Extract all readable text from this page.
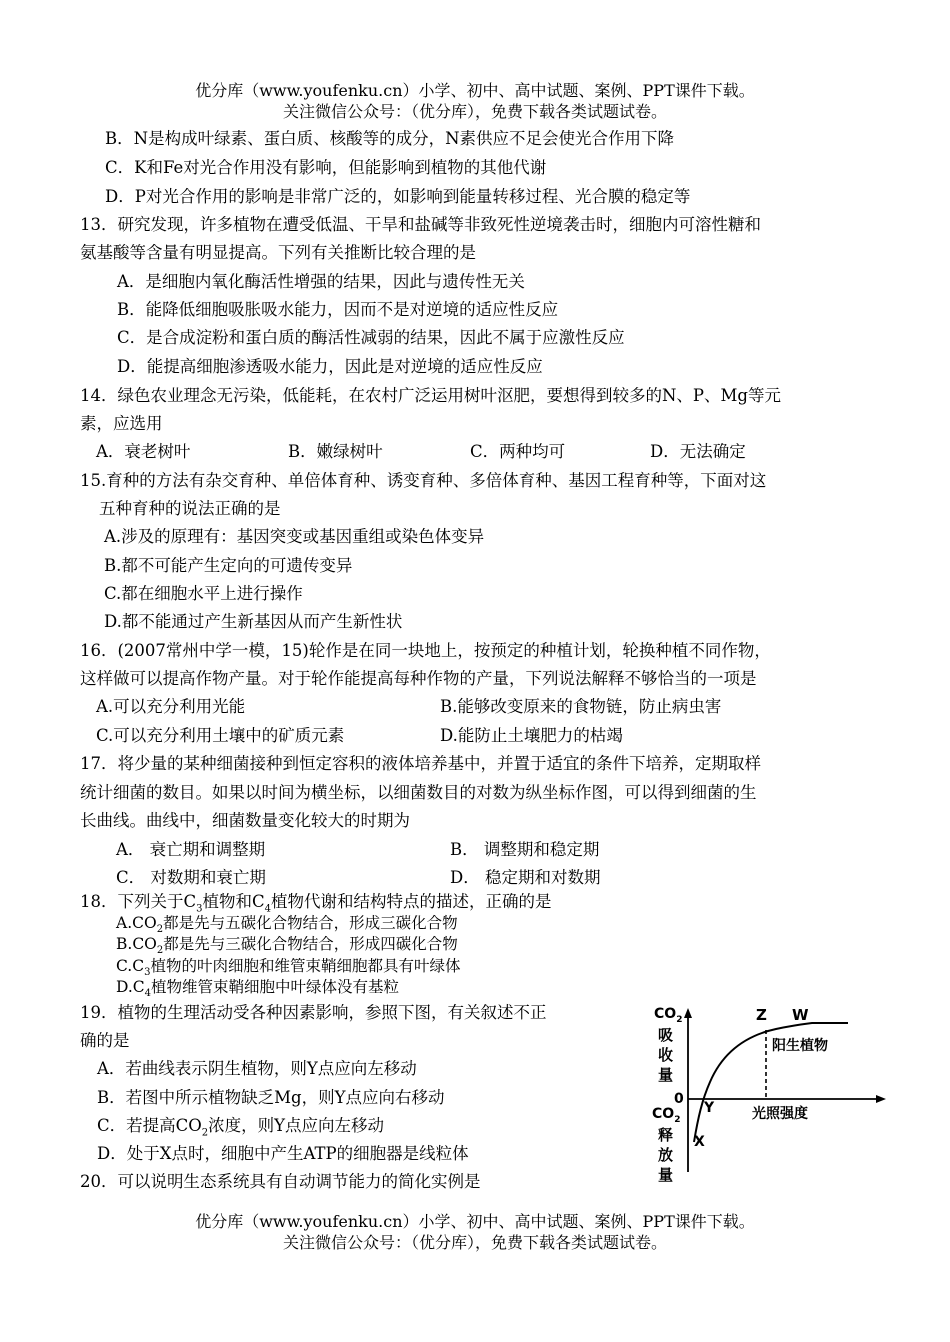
优分库（www.youfenku.cn）小学、初中、高中试题、案例、PPT课件下载。
关注微信公众号：（优分库），免费下载各类试题试卷。
B．N是构成叶绿素、蛋白质、核酸等的成分，N素供应不足会使光合作用下降
C．K和Fe对光合作用没有影响，但能影响到植物的其他代谢
D．P对光合作用的影响是非常广泛的，如影响到能量转移过程、光合膜的稳定等
13．研究发现，许多植物在遭受低温、干旱和盐碱等非致死性逆境袭击时，细胞内可溶性糖和
氨基酸等含量有明显提高。下列有关推断比较合理的是
A．是细胞内氧化酶活性增强的结果，因此与遗传性无关
B．能降低细胞吸胀吸水能力，因而不是对逆境的适应性反应
C．是合成淀粉和蛋白质的酶活性减弱的结果，因此不属于应激性反应
D．能提高细胞渗透吸水能力，因此是对逆境的适应性反应
14．绿色农业理念无污染，低能耗，在农村广泛运用树叶沤肥，要想得到较多的N、P、Mg等元
素，应选用
A．衰老树叶	B．嫩绿树叶	C．两种均可	D．无法确定
15.育种的方法有杂交育种、单倍体育种、诱变育种、多倍体育种、基因工程育种等，下面对这
五种育种的说法正确的是
A.涉及的原理有：基因突变或基因重组或染色体变异
B.都不可能产生定向的可遗传变异
C.都在细胞水平上进行操作
D.都不能通过产生新基因从而产生新性状
16．(2007常州中学一模，15)轮作是在同一块地上，按预定的种植计划，轮换种植不同作物，
这样做可以提高作物产量。对于轮作能提高每种作物的产量，下列说法解释不够恰当的一项是
A.可以充分利用光能	B.能够改变原来的食物链，防止病虫害
C.可以充分利用土壤中的矿质元素	D.能防止土壤肥力的枯竭
17．将少量的某种细菌接种到恒定容积的液体培养基中，并置于适宜的条件下培养，定期取样
统计细菌的数目。如果以时间为横坐标，以细菌数目的对数为纵坐标作图，可以得到细菌的生
长曲线。曲线中，细菌数量变化较大的时期为
A． 衰亡期和调整期	B． 调整期和稳定期
C． 对数期和衰亡期	D． 稳定期和对数期
18．下列关于$C_3$植物和$C_4$植物代谢和结构特点的描述，正确的是
$A.CO_2$都是先与五碳化合物结合，形成三碳化合物
$B.CO_2$都是先与三碳化合物结合，形成四碳化合物
$C.C_3$植物的叶肉细胞和维管束鞘细胞都具有叶绿体
$D.C_4$植物维管束鞘细胞中叶绿体没有基粒
19．植物的生理活动受各种因素影响，参照下图，有关叙述不正
确的是
A．若曲线表示阴生植物，则Y点应向左移动
B．若图中所示植物缺乏Mg，则Y点应向右移动
C．若提高$CO_2$浓度，则Y点应向左移动
D．处于X点时，细胞中产生ATP的细胞器是线粒体
20．可以说明生态系统具有自动调节能力的简化实例是
$CO_2$
吸
收
量
0
$CO_2$
释
放
量
Z W
Y
X
阳生植物
光照强度
优分库（www.youfenku.cn）小学、初中、高中试题、案例、PPT课件下载。
关注微信公众号：（优分库），免费下载各类试题试卷。
